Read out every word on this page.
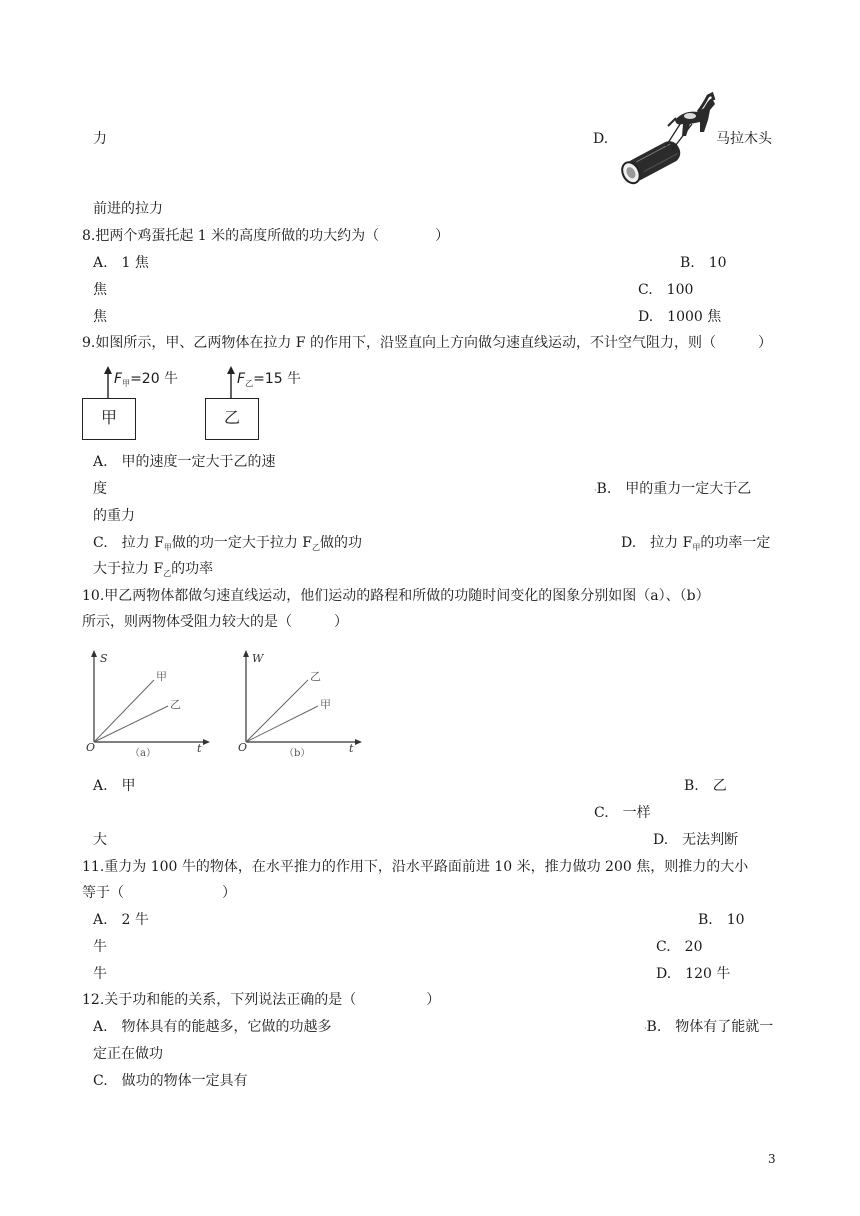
力	D.	马拉木头
前进的拉力
8.把两个鸡蛋托起 1 米的高度所做的功大约为（　　　　）
A.　1 焦	B.　10
焦	C.　100
焦	D.　1000 焦
9.如图所示，甲、乙两物体在拉力 F 的作用下，沿竖直向上方向做匀速直线运动，不计空气阻力，则（　　　）
$F_甲=20$ 牛
甲
$F_乙=15$ 牛
乙
A.　甲的速度一定大于乙的速
度	·B.　甲的重力一定大于乙
的重力
C.　拉力 $F_甲$做的功一定大于拉力 $F_乙$做的功	D.　拉力 $F_甲$的功率一定
大于拉力 $F_乙$的功率
10.甲乙两物体都做匀速直线运动，他们运动的路程和所做的功随时间变化的图象分别如图（a）、（b）
所示，则两物体受阻力较大的是（　　　）
S
t
O
甲
乙
（a）
W
t
O
乙
甲
（b）
A.　甲	B.　乙
C.　一样
大	D.　无法判断
11.重力为 100 牛的物体，在水平推力的作用下，沿水平路面前进 10 米，推力做功 200 焦，则推力的大小
等于（　　　　　　　）
A.　2 牛	B.　10
牛	C.　20
牛	D.　120 牛
12.关于功和能的关系，下列说法正确的是（　　　　　）
A.　物体具有的能越多，它做的功越多	·B.　物体有了能就一
定正在做功
C.　做功的物体一定具有
3
